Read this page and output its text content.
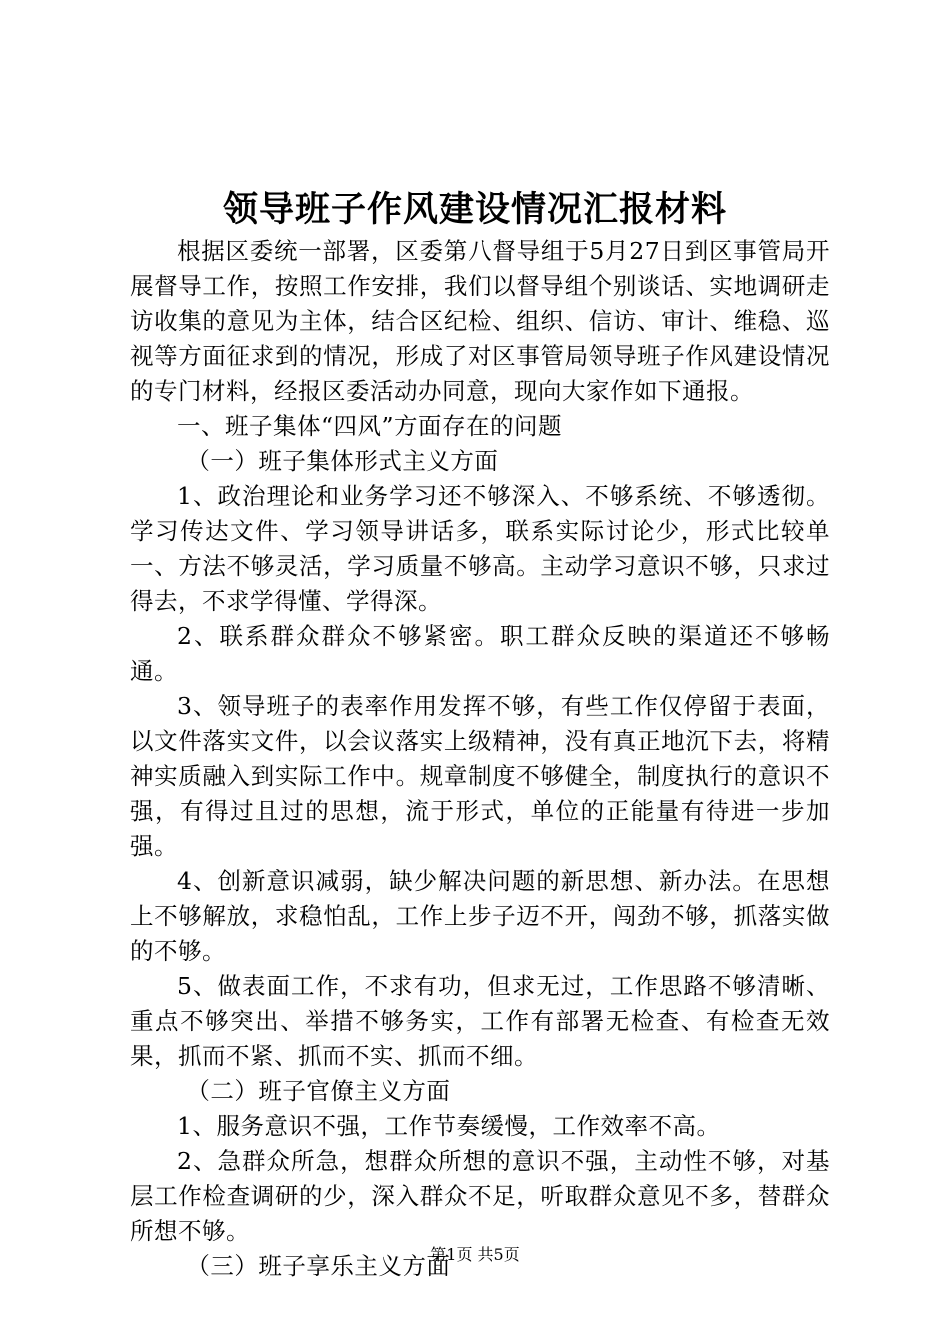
领导班子作风建设情况汇报材料

根据区委统一部署，区委第八督导组于5月27日到区事管局开展督导工作，按照工作安排，我们以督导组个别谈话、实地调研走访收集的意见为主体，结合区纪检、组织、信访、审计、维稳、巡视等方面征求到的情况，形成了对区事管局领导班子作风建设情况的专门材料，经报区委活动办同意，现向大家作如下通报。

一、班子集体“四风”方面存在的问题

（一）班子集体形式主义方面

1、政治理论和业务学习还不够深入、不够系统、不够透彻。学习传达文件、学习领导讲话多，联系实际讨论少，形式比较单一、方法不够灵活，学习质量不够高。主动学习意识不够，只求过得去，不求学得懂、学得深。

2、联系群众群众不够紧密。职工群众反映的渠道还不够畅通。

3、领导班子的表率作用发挥不够，有些工作仅停留于表面，以文件落实文件，以会议落实上级精神，没有真正地沉下去，将精神实质融入到实际工作中。规章制度不够健全，制度执行的意识不强，有得过且过的思想，流于形式，单位的正能量有待进一步加强。

4、创新意识减弱，缺少解决问题的新思想、新办法。在思想上不够解放，求稳怕乱，工作上步子迈不开，闯劲不够，抓落实做的不够。

5、做表面工作，不求有功，但求无过，工作思路不够清晰、重点不够突出、举措不够务实，工作有部署无检查、有检查无效果，抓而不紧、抓而不实、抓而不细。

（二）班子官僚主义方面

1、服务意识不强，工作节奏缓慢，工作效率不高。

2、急群众所急，想群众所想的意识不强，主动性不够，对基层工作检查调研的少，深入群众不足，听取群众意见不多，替群众所想不够。

（三）班子享乐主义方面

第1页 共5页
